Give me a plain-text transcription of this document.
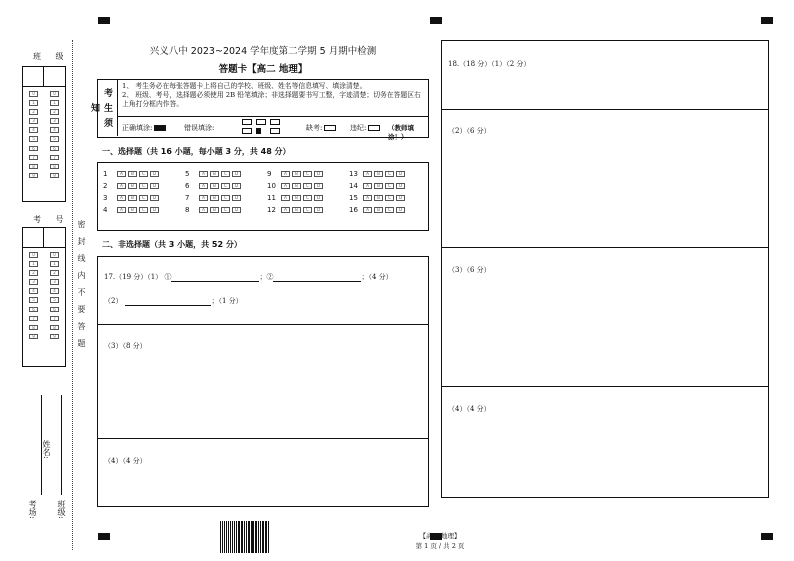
班 级
0
1
2
3
4
5
6
7
8
9
0
1
2
3
4
5
6
7
8
9
考 号
0
1
2
3
4
5
6
7
8
9
0
1
2
3
4
5
6
7
8
9	密封线内不要答题
考场:
姓名:
班级:
兴义八中 2023~2024 学年度第二学期 5 月期中检测
答题卡【高二 地理】
考生须知
1、 考生务必在每张答题卡上将自己的学校、班级、姓名等信息填写、填涂清楚。
2、 班级、考号，选择题必须使用 2B 铅笔填涂；非选择题要书写工整，字迹清楚；切务在答题区右上角打分框内作答。
正确填涂:	错误填涂:	缺考:	违纪:	（教师填涂！）
一、选择题（共 16 小题，每小题 3 分，共 48 分）
1	A	B	C	D
2	A	B	C	D
3	A	B	C	D
4	A	B	C	D
5	A	B	C	D
6	A	B	C	D
7	A	B	C	D
8	A	B	C	D
9	A	B	C	D
10	A	B	C	D
11	A	B	C	D
12	A	B	C	D
13	A	B	C	D
14	A	B	C	D
15	A	B	C	D
16	A	B	C	D
二、非选择题（共 3 小题，共 52 分）
17.（19 分）（1） ①	；②	；（4 分）
（2）	；（1 分）
（3）（8 分）
（4）（4 分）
18.（18 分）（1）（2 分）
（2）（6 分）
（3）（6 分）
（4）（4 分）
【高二 地理】
第 1 页 / 共 2 页
